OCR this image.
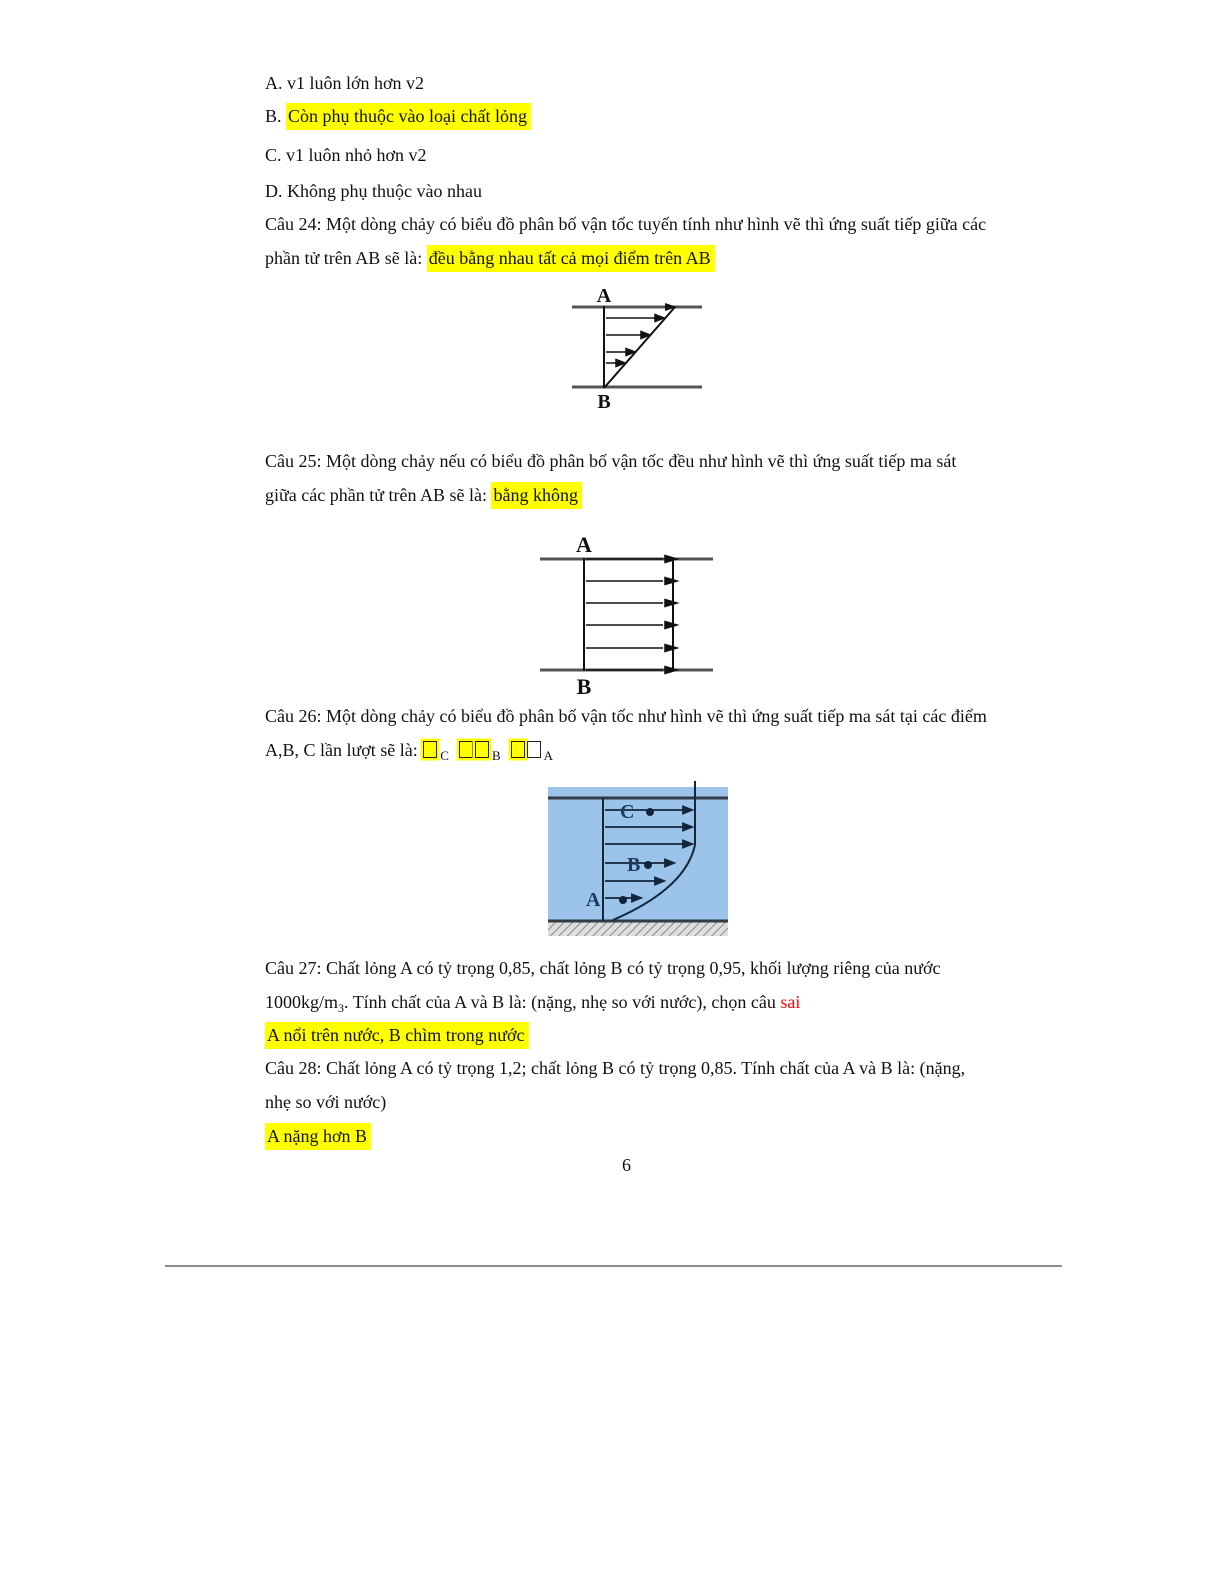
A. v1 luôn lớn hơn v2
B. Còn phụ thuộc vào loại chất lỏng
C. v1 luôn nhỏ hơn v2
D. Không phụ thuộc vào nhau
Câu 24: Một dòng chảy có biểu đồ phân bố vận tốc tuyến tính như hình vẽ thì ứng suất tiếp giữa các
phần tử trên AB sẽ là: đều bằng nhau tất cả mọi điểm trên AB
A
B
Câu 25: Một dòng chảy nếu có biểu đồ phân bố vận tốc đều như hình vẽ thì ứng suất tiếp ma sát
giữa các phần tử trên AB sẽ là: bằng không
A
B
Câu 26: Một dòng chảy có biểu đồ phân bố vận tốc như hình vẽ thì ứng suất tiếp ma sát tại các điểm
A,B, C lần lượt sẽ là: $_C$	$_B$	$_A$
C
B
A
Câu 27: Chất lỏng A có tỷ trọng 0,85, chất lỏng B có tỷ trọng 0,95, khối lượng riêng của nước
$1000kg/m_3$. Tính chất của A và B là: (nặng, nhẹ so với nước), chọn câu sai
A nổi trên nước, B chìm trong nước
Câu 28: Chất lỏng A có tỷ trọng 1,2; chất lỏng B có tỷ trọng 0,85. Tính chất của A và B là: (nặng,
nhẹ so với nước)
A nặng hơn B
6
